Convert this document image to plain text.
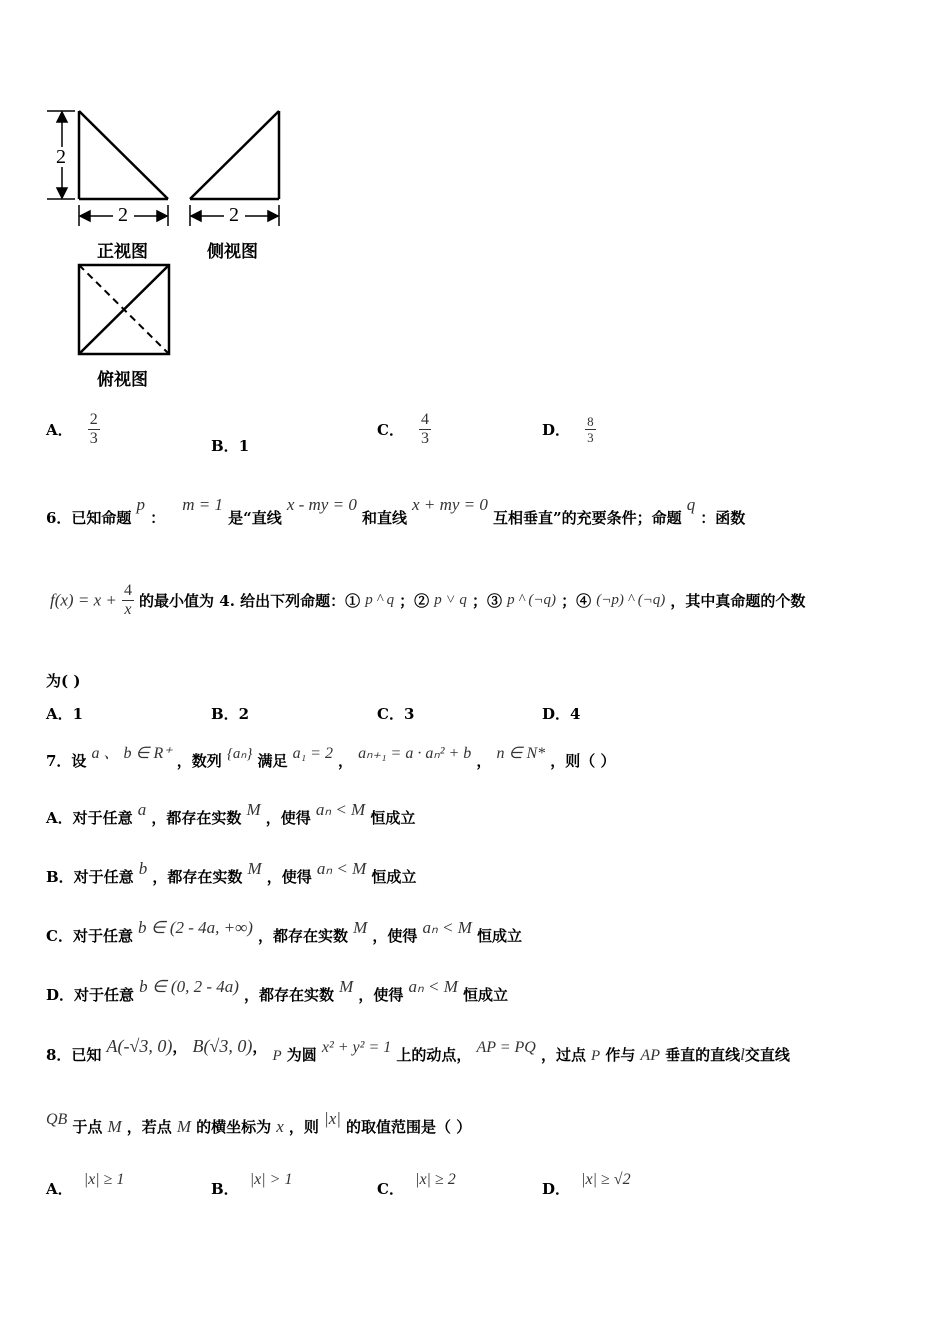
2
2	2
正视图	侧视图
俯视图
A． $\frac{2}{3}$	B．1
C． $\frac{4}{3}$	D． $\frac{8}{3}$
6．已知命题 p ： m = 1 是“直线 x - my = 0 和直线 x + my = 0 互相垂直”的充要条件；命题 q ：函数
$f(x) = x + \frac{4}{x}$ 的最小值为 4. 给出下列命题：① p ^ q ；② p ˅ q ；③ p ^ (¬q) ；④ (¬p) ^ (¬q) ，其中真命题的个数
为( )
A．1	B．2	C．3	D．4
7．设 a 、 b ∈ R⁺ ，数列 {aₙ} 满足 a₁ = 2 ， aₙ₊₁ = a · aₙ² + b ， n ∈ N* ，则（ ）
A．对于任意 a ，都存在实数 M ，使得 aₙ < M 恒成立
B．对于任意 b ，都存在实数 M ，使得 aₙ < M 恒成立
C．对于任意 b ∈ (2 - 4a, +∞) ，都存在实数 M ，使得 aₙ < M 恒成立
D．对于任意 b ∈ (0, 2 - 4a) ，都存在实数 M ，使得 aₙ < M 恒成立
8．已知 A(-√3, 0)， B(√3, 0)， P 为圆 x² + y² = 1 上的动点， AP = PQ ，过点 P 作与 AP 垂直的直线l交直线
QB 于点 M ，若点 M 的横坐标为 x ，则 |x| 的取值范围是（ ）
A． |x| ≥ 1
B． |x| > 1
C． |x| ≥ 2
D． |x| ≥ √2
